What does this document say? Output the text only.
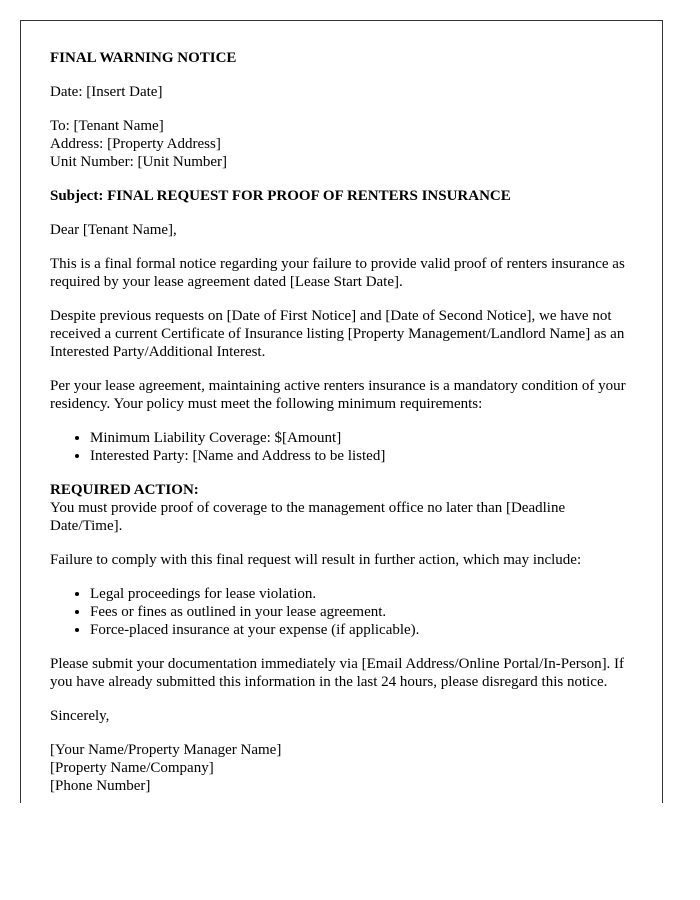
FINAL WARNING NOTICE

Date: [Insert Date]

To: [Tenant Name]
Address: [Property Address]
Unit Number: [Unit Number]

Subject: FINAL REQUEST FOR PROOF OF RENTERS INSURANCE

Dear [Tenant Name],

This is a final formal notice regarding your failure to provide valid proof of renters insurance as required by your lease agreement dated [Lease Start Date].

Despite previous requests on [Date of First Notice] and [Date of Second Notice], we have not received a current Certificate of Insurance listing [Property Management/Landlord Name] as an Interested Party/Additional Interest.

Per your lease agreement, maintaining active renters insurance is a mandatory condition of your residency. Your policy must meet the following minimum requirements:

• Minimum Liability Coverage: $[Amount]
• Interested Party: [Name and Address to be listed]

REQUIRED ACTION:
You must provide proof of coverage to the management office no later than [Deadline Date/Time].

Failure to comply with this final request will result in further action, which may include:

• Legal proceedings for lease violation.
• Fees or fines as outlined in your lease agreement.
• Force-placed insurance at your expense (if applicable).

Please submit your documentation immediately via [Email Address/Online Portal/In-Person]. If you have already submitted this information in the last 24 hours, please disregard this notice.

Sincerely,

[Your Name/Property Manager Name]
[Property Name/Company]
[Phone Number]
